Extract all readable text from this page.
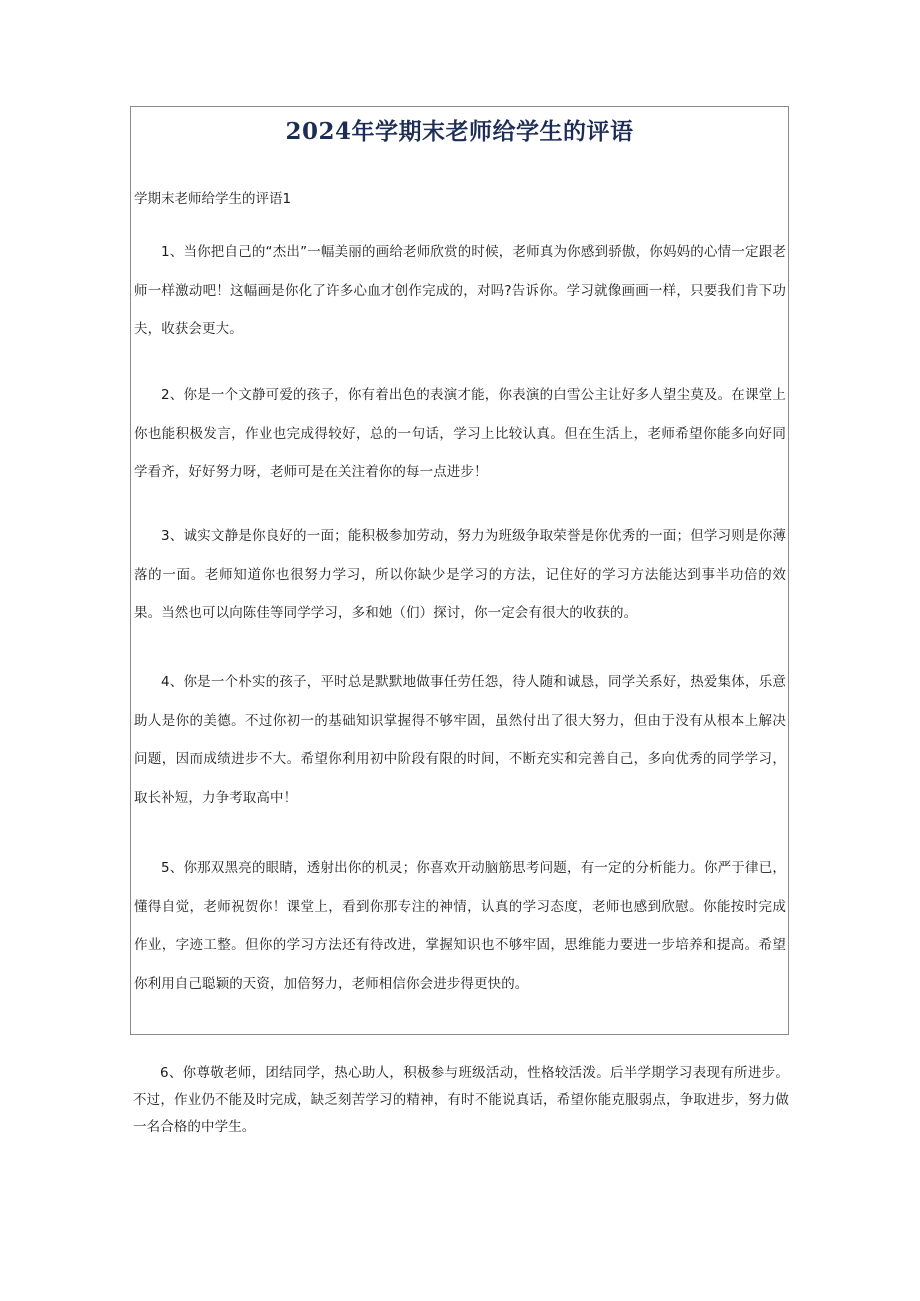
2024年学期末老师给学生的评语

学期末老师给学生的评语1

1、当你把自己的“杰出”一幅美丽的画给老师欣赏的时候，老师真为你感到骄傲，你妈妈的心情一定跟老师一样激动吧！这幅画是你化了许多心血才创作完成的，对吗?告诉你。学习就像画画一样，只要我们肯下功夫，收获会更大。

2、你是一个文静可爱的孩子，你有着出色的表演才能，你表演的白雪公主让好多人望尘莫及。在课堂上你也能积极发言，作业也完成得较好，总的一句话，学习上比较认真。但在生活上，老师希望你能多向好同学看齐，好好努力呀，老师可是在关注着你的每一点进步！

3、诚实文静是你良好的一面；能积极参加劳动，努力为班级争取荣誉是你优秀的一面；但学习则是你薄落的一面。老师知道你也很努力学习，所以你缺少是学习的方法，记住好的学习方法能达到事半功倍的效果。当然也可以向陈佳等同学学习，多和她（们）探讨，你一定会有很大的收获的。

4、你是一个朴实的孩子，平时总是默默地做事任劳任怨，待人随和诚恳，同学关系好，热爱集体，乐意助人是你的美德。不过你初一的基础知识掌握得不够牢固，虽然付出了很大努力，但由于没有从根本上解决问题，因而成绩进步不大。希望你利用初中阶段有限的时间，不断充实和完善自己，多向优秀的同学学习，取长补短，力争考取高中！

5、你那双黑亮的眼睛，透射出你的机灵；你喜欢开动脑筋思考问题，有一定的分析能力。你严于律已，懂得自觉，老师祝贺你！课堂上，看到你那专注的神情，认真的学习态度，老师也感到欣慰。你能按时完成作业，字迹工整。但你的学习方法还有待改进，掌握知识也不够牢固，思维能力要进一步培养和提高。希望你利用自己聪颖的天资，加倍努力，老师相信你会进步得更快的。

6、你尊敬老师，团结同学，热心助人，积极参与班级活动，性格较活泼。后半学期学习表现有所进步。不过，作业仍不能及时完成，缺乏刻苦学习的精神，有时不能说真话，希望你能克服弱点，争取进步，努力做一名合格的中学生。
